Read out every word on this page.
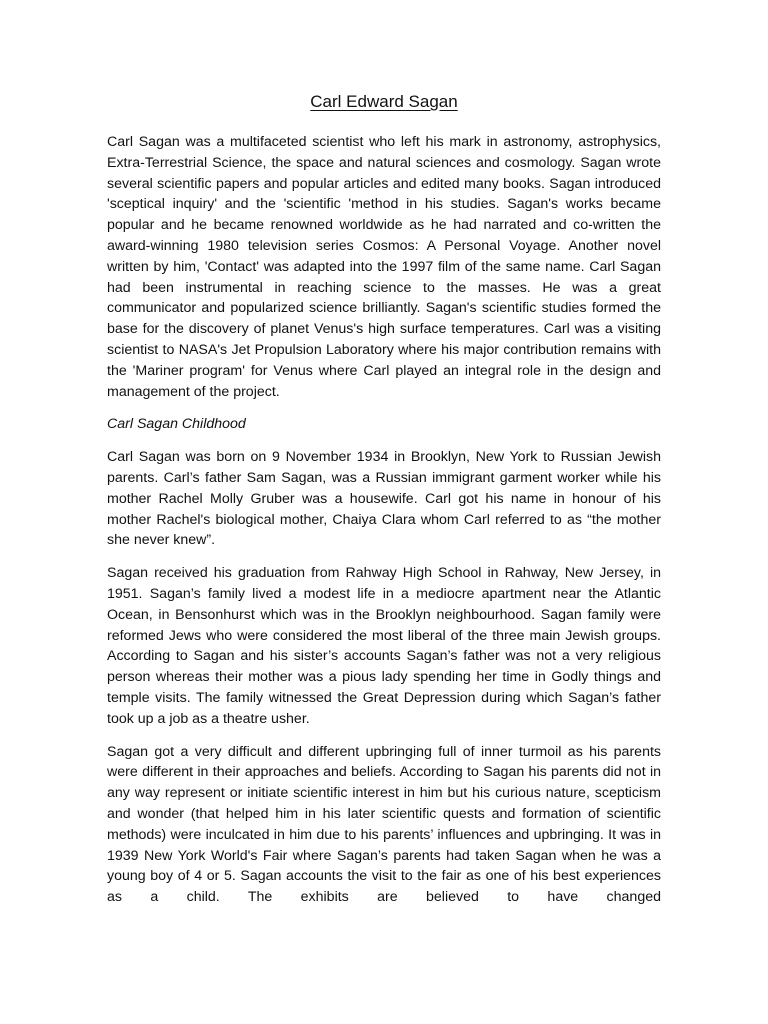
Carl Edward Sagan

Carl Sagan was a multifaceted scientist who left his mark in astronomy, astrophysics, Extra-Terrestrial Science, the space and natural sciences and cosmology. Sagan wrote several scientific papers and popular articles and edited many books. Sagan introduced 'sceptical inquiry' and the 'scientific 'method in his studies. Sagan's works became popular and he became renowned worldwide as he had narrated and co-written the award-winning 1980 television series Cosmos: A Personal Voyage. Another novel written by him, 'Contact' was adapted into the 1997 film of the same name. Carl Sagan had been instrumental in reaching science to the masses. He was a great communicator and popularized science brilliantly. Sagan's scientific studies formed the base for the discovery of planet Venus's high surface temperatures. Carl was a visiting scientist to NASA's Jet Propulsion Laboratory where his major contribution remains with the 'Mariner program' for Venus where Carl played an integral role in the design and management of the project.

Carl Sagan Childhood

Carl Sagan was born on 9 November 1934 in Brooklyn, New York to Russian Jewish parents. Carl’s father Sam Sagan, was a Russian immigrant garment worker while his mother Rachel Molly Gruber was a housewife. Carl got his name in honour of his mother Rachel's biological mother, Chaiya Clara whom Carl referred to as “the mother she never knew”.

Sagan received his graduation from Rahway High School in Rahway, New Jersey, in 1951. Sagan’s family lived a modest life in a mediocre apartment near the Atlantic Ocean, in Bensonhurst which was in the Brooklyn neighbourhood. Sagan family were reformed Jews who were considered the most liberal of the three main Jewish groups. According to Sagan and his sister’s accounts Sagan’s father was not a very religious person whereas their mother was a pious lady spending her time in Godly things and temple visits. The family witnessed the Great Depression during which Sagan’s father took up a job as a theatre usher.

Sagan got a very difficult and different upbringing full of inner turmoil as his parents were different in their approaches and beliefs. According to Sagan his parents did not in any way represent or initiate scientific interest in him but his curious nature, scepticism and wonder (that helped him in his later scientific quests and formation of scientific methods) were inculcated in him due to his parents’ influences and upbringing. It was in 1939 New York World's Fair where Sagan’s parents had taken Sagan when he was a young boy of 4 or 5. Sagan accounts the visit to the fair as one of his best experiences as a child. The exhibits are believed to have changed
